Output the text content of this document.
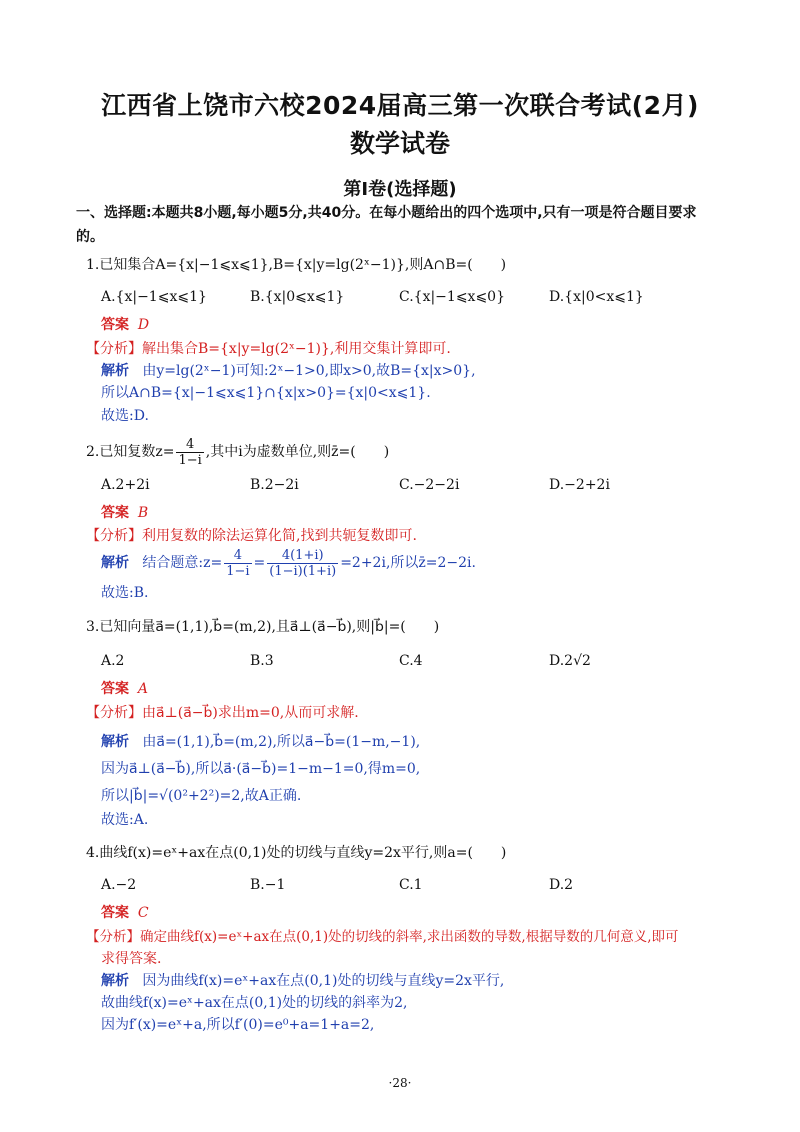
江西省上饶市六校2024届高三第一次联合考试(2月)
数学试卷
第Ⅰ卷(选择题)
一、选择题:本题共8小题,每小题5分,共40分。在每小题给出的四个选项中,只有一项是符合题目要求
的。
1.已知集合A={x|−1⩽x⩽1},B={x|y=lg(2ˣ−1)},则A∩B=(　　)
A.{x|−1⩽x⩽1}	B.{x|0⩽x⩽1}	C.{x|−1⩽x⩽0}	D.{x|0<x⩽1}
答案 D
【分析】解出集合B={x|y=lg(2ˣ−1)},利用交集计算即可.
解析 由y=lg(2ˣ−1)可知:2ˣ−1>0,即x>0,故B={x|x>0},
所以A∩B={x|−1⩽x⩽1}∩{x|x>0}={x|0<x⩽1}.
故选:D.
2.已知复数$z= \frac{4}{1-i}$ ,其中i为虚数单位,则z̄=(　　)
A.2+2i	B.2−2i	C.−2−2i	D.−2+2i
答案 B
【分析】利用复数的除法运算化简,找到共轭复数即可.
解析 结合题意:z= $\frac{4}{1-i} = \frac{4(1+i)}{(1-i)(1+i)} =2+2i$,所以z̄=2−2i.
故选:B.
3.已知向量a⃗=(1,1),b⃗=(m,2),且a⃗⊥(a⃗−b⃗),则|b⃗|=(　　)
A.2	B.3	C.4	D.2√2
答案 A
【分析】由a⃗⊥(a⃗−b⃗)求出m=0,从而可求解.
解析 由a⃗=(1,1),b⃗=(m,2),所以a⃗−b⃗=(1−m,−1),
因为a⃗⊥(a⃗−b⃗),所以a⃗·(a⃗−b⃗)=1−m−1=0,得m=0,
所以|b⃗|=√(0²+2²)=2,故A正确.
故选:A.
4.曲线f(x)=eˣ+ax在点(0,1)处的切线与直线y=2x平行,则a=(　　)
A.−2	B.−1	C.1	D.2
答案 C
【分析】确定曲线f(x)=eˣ+ax在点(0,1)处的切线的斜率,求出函数的导数,根据导数的几何意义,即可
求得答案.
解析 因为曲线f(x)=eˣ+ax在点(0,1)处的切线与直线y=2x平行,
故曲线f(x)=eˣ+ax在点(0,1)处的切线的斜率为2,
因为f′(x)=eˣ+a,所以f′(0)=e⁰+a=1+a=2,
·28·
